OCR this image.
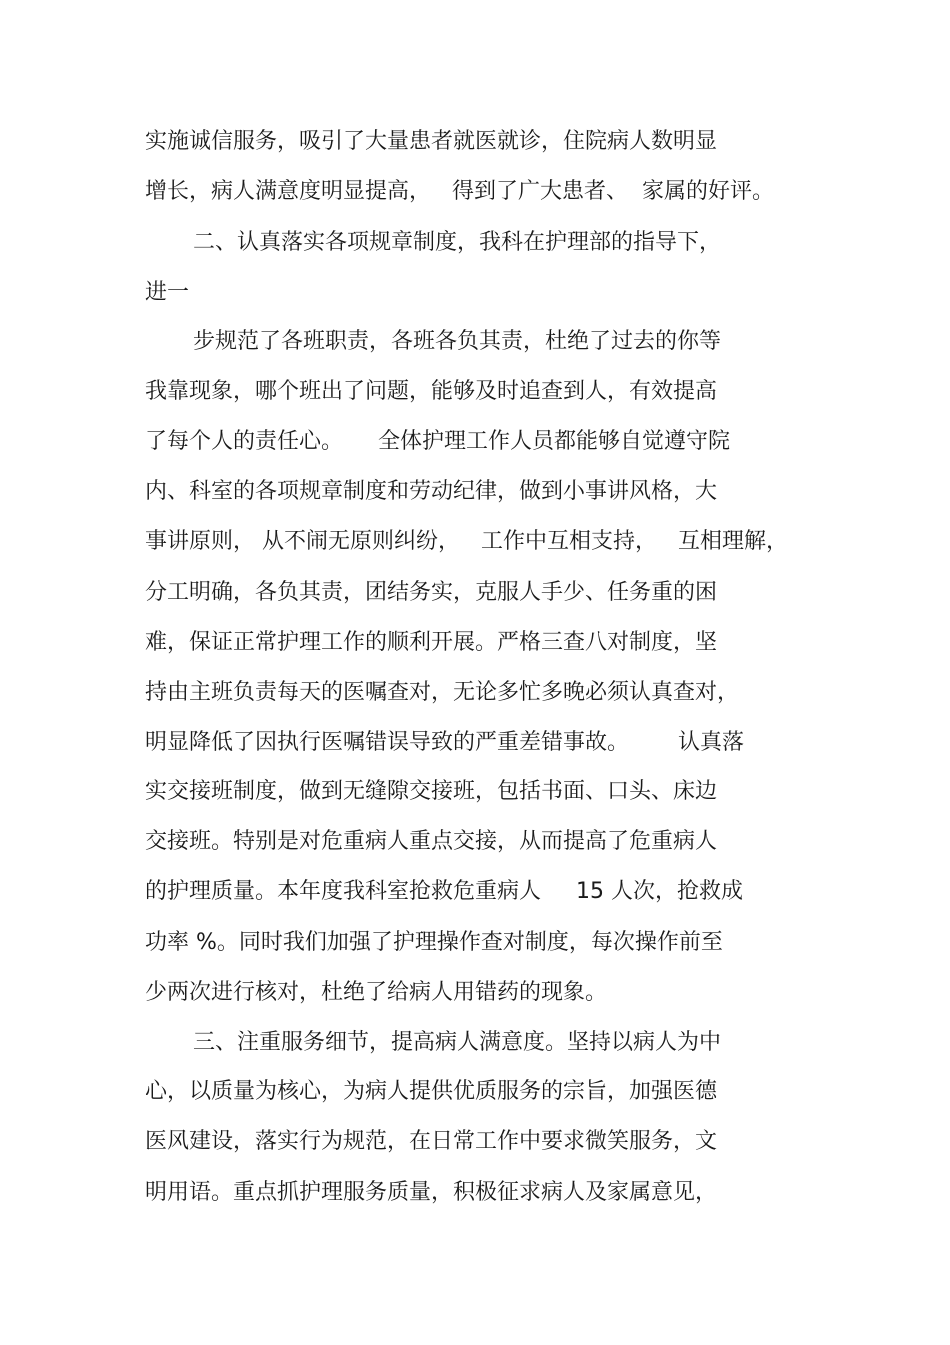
实施诚信服务，吸引了大量患者就医就诊，住院病人数明显

增长，病人满意度明显提高，   得到了广大患者、  家属的好评。

二、认真落实各项规章制度，我科在护理部的指导下，

进一

步规范了各班职责，各班各负其责，杜绝了过去的你等

我靠现象，哪个班出了问题，能够及时追查到人，有效提高

了每个人的责任心。     全体护理工作人员都能够自觉遵守院

内、科室的各项规章制度和劳动纪律，做到小事讲风格，大

事讲原则， 从不闹无原则纠纷，   工作中互相支持，   互相理解，

分工明确，各负其责，团结务实，克服人手少、任务重的困

难，保证正常护理工作的顺利开展。严格三查八对制度，坚

持由主班负责每天的医嘱查对，无论多忙多晚必须认真查对，

明显降低了因执行医嘱错误导致的严重差错事故。       认真落

实交接班制度，做到无缝隙交接班，包括书面、口头、床边

交接班。特别是对危重病人重点交接，从而提高了危重病人

的护理质量。本年度我科室抢救危重病人     15 人次，抢救成

功率 %。同时我们加强了护理操作查对制度，每次操作前至

少两次进行核对，杜绝了给病人用错药的现象。

三、注重服务细节，提高病人满意度。坚持以病人为中

心，以质量为核心，为病人提供优质服务的宗旨，加强医德

医风建设，落实行为规范，在日常工作中要求微笑服务，文

明用语。重点抓护理服务质量，积极征求病人及家属意见，
